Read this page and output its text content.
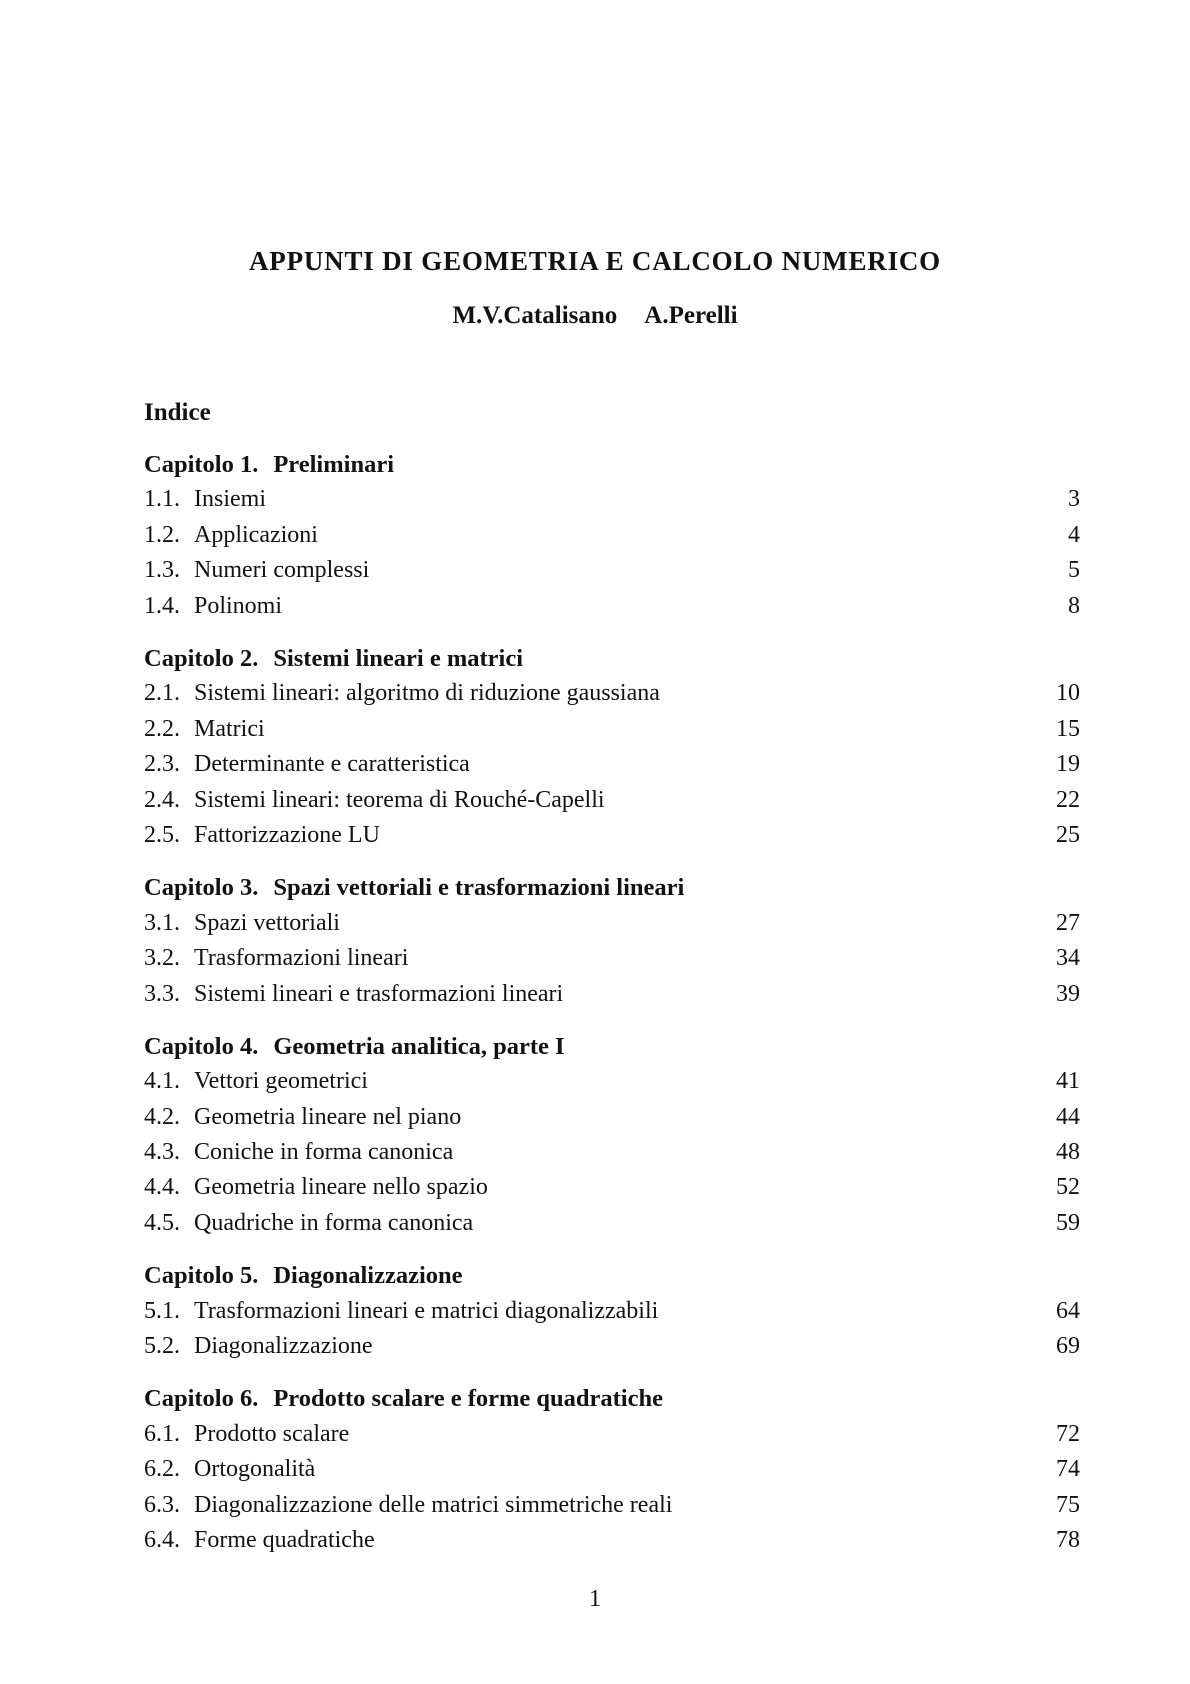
APPUNTI DI GEOMETRIA E CALCOLO NUMERICO
M.V.Catalisano A.Perelli
Indice
Capitolo 1. Preliminari
1.1. Insiemi	3
1.2. Applicazioni	4
1.3. Numeri complessi	5
1.4. Polinomi	8
Capitolo 2. Sistemi lineari e matrici
2.1. Sistemi lineari: algoritmo di riduzione gaussiana	10
2.2. Matrici	15
2.3. Determinante e caratteristica	19
2.4. Sistemi lineari: teorema di Rouché-Capelli	22
2.5. Fattorizzazione LU	25
Capitolo 3. Spazi vettoriali e trasformazioni lineari
3.1. Spazi vettoriali	27
3.2. Trasformazioni lineari	34
3.3. Sistemi lineari e trasformazioni lineari	39
Capitolo 4. Geometria analitica, parte I
4.1. Vettori geometrici	41
4.2. Geometria lineare nel piano	44
4.3. Coniche in forma canonica	48
4.4. Geometria lineare nello spazio	52
4.5. Quadriche in forma canonica	59
Capitolo 5. Diagonalizzazione
5.1. Trasformazioni lineari e matrici diagonalizzabili	64
5.2. Diagonalizzazione	69
Capitolo 6. Prodotto scalare e forme quadratiche
6.1. Prodotto scalare	72
6.2. Ortogonalità	74
6.3. Diagonalizzazione delle matrici simmetriche reali	75
6.4. Forme quadratiche	78
1
